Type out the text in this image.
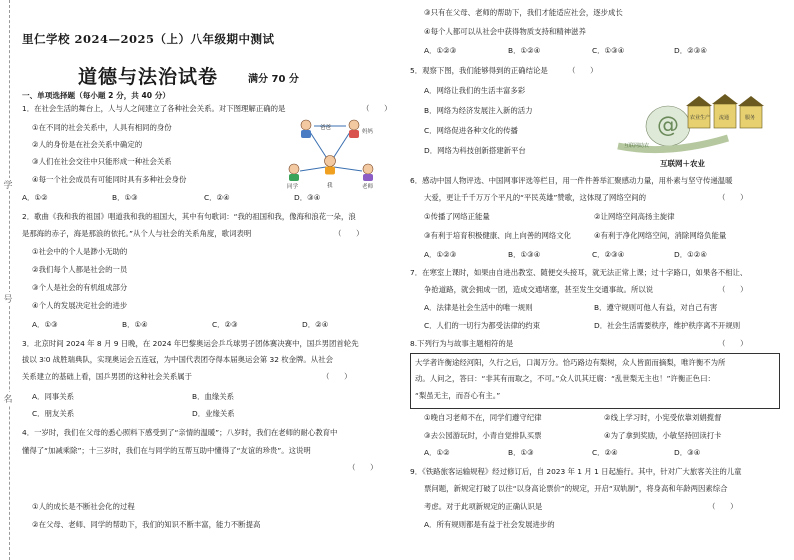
学
号
名
里仁学校 2024—2025（上）八年级期中测试
道德与法治试卷	满分 70 分
一、单项选择题（每小题 2 分，共 40 分）
1．在社会生活的舞台上，人与人之间建立了各种社会关系。对下图理解正确的是	（　　）
①在不同的社会关系中，人具有相同的身份
②人的身份是在社会关系中确定的
③人们在社会交往中只能形成一种社会关系
④每一个社会成员有可能同时具有多种社会身份
A．①②	B．①③	C．②④	D．③④
爸爸
妈妈
我
同学	老师
2．歌曲《我和我的祖国》唱道我和我的祖国大，其中有句歌词：“我的祖国和我，像海和浪花一朵，浪
是那海的赤子，海是那浪的依托。”从个人与社会的关系角度，歌词表明	（　　）
①社会中的个人是渺小无助的
②我们每个人都是社会的一员
③个人是社会的有机组成部分
④个人的发展决定社会的进步
A．①③	B．①④	C．②③	D．②④
3．北京时间 2024 年 8 月 9 日晚，在 2024 年巴黎奥运会乒乓球男子团体赛决赛中，国乒男团首轮先
拔以 3∶0 战胜瑞典队，实现奥运会五连冠，为中国代表团夺得本届奥运会第 32 枚金牌。从社会
关系建立的基础上看，国乒男团的这种社会关系属于	（　　）
A．同事关系	B．血缘关系
C．朋友关系	D．业缘关系
4．一岁时，我们在父母的悉心照料下感受到了“亲情的温暖”；八岁时，我们在老师的耐心教育中
懂得了“加减乘除”；十三岁时，我们在与同学的互帮互助中懂得了“友谊的珍贵”。这说明
（　　）
①人的成长是不断社会化的过程
②在父母、老师、同学的帮助下，我们的知识不断丰富，能力不断提高
③只有在父母、老师的帮助下，我们才能适应社会，逐步成长
④每个人都可以从社会中获得物质支持和精神滋养
A．①②③	B．①②④	C．①③④	D．②③④
5．观察下图，我们能够得到的正确结论是	（　　）
A．网络让我们的生活丰富多彩
B．网络为经济发展注入新的活力
C．网络促进各种文化的传播
D．网络为科技创新搭建新平台
@ 农业生产 流通	服务
互联网助农
互联网＋农业
6．感动中国人物评选、中国网事评选等栏目，用一件件善举汇聚感动力量，用朴素与坚守传递温暖
大爱，更让千千万万个平凡的“平民英雄”赞歌，这体现了网络空间的	（　　）
①传播了网络正能量	②让网络空间高扬主旋律
③有利于培育积极健康、向上向善的网络文化	④有利于净化网络空间，消除网络负能量
A．①②③	B．①③④	C．②③④	D．①②④
7．在寒室上课时，如果由自进出教室、随便交头接耳，就无法正常上课；过十字路口，如果各不相让、
争抢道路，就会拥成一团，造成交通堵塞，甚至发生交通事故。所以说	（　　）
A．法律是社会生活中的唯一规则	B．遵守规则可他人有益，对自己有害
C．人们的一切行为都受法律的约束	D．社会生活需要秩序，维护秩序离不开规则
8.下列行为与故事主题相符的是	（　　）
大学者许衡途经河阳，久行之后，口渴万分。恰巧路边有梨树，众人皆面而摘梨，唯许衡不为所
动。人问之，答曰：“非其有而取之，不可。”众人讥其迂腐：“乱世梨无主也！”许衡正色曰：
“梨虽无主，而吾心有主。”
①晚自习老师不在，同学们遵守纪律	②线上学习时，小宪受依靠刘娟揽督
③去公园游玩时，小青自觉排队买票	④为了拿到奖励，小敏坚持回读打卡
A．①②	B．①③	C．②④	D．③④
9．《铁路旅客运输规程》经过修订后，自 2023 年 1 月 1 日起施行。其中，针对广大旅客关注的儿童
票问题，新规定打破了以往“以身高论票价”的规定，开启“双轨制”，将身高和年龄两因素综合
考虑。对于此项新规定的正确认识是	（　　）
A．所有规则都是有益于社会发展进步的
